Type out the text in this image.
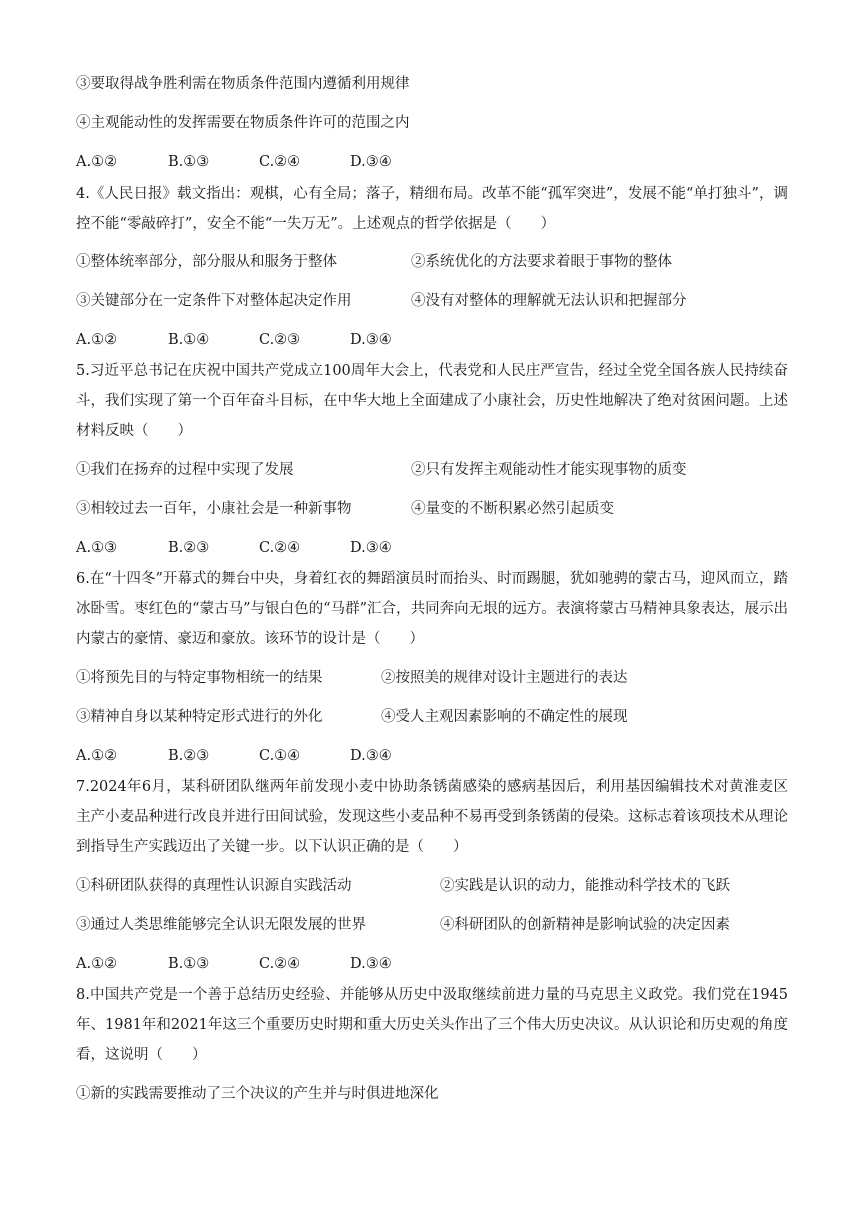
③要取得战争胜利需在物质条件范围内遵循利用规律
④主观能动性的发挥需要在物质条件许可的范围之内
A.①②	B.①③	C.②④	D.③④
4.《人民日报》载文指出：观棋，心有全局；落子，精细布局。改革不能“孤军突进”，发展不能“单打独斗”，调控不能“零敲碎打”，安全不能“一失万无”。上述观点的哲学依据是（　　）
①整体统率部分，部分服从和服务于整体	②系统优化的方法要求着眼于事物的整体
③关键部分在一定条件下对整体起决定作用	④没有对整体的理解就无法认识和把握部分
A.①②	B.①④	C.②③	D.③④
5.习近平总书记在庆祝中国共产党成立100周年大会上，代表党和人民庄严宣告，经过全党全国各族人民持续奋斗，我们实现了第一个百年奋斗目标，在中华大地上全面建成了小康社会，历史性地解决了绝对贫困问题。上述材料反映（　　）
①我们在扬弃的过程中实现了发展	②只有发挥主观能动性才能实现事物的质变
③相较过去一百年，小康社会是一种新事物	④量变的不断积累必然引起质变
A.①③	B.②③	C.②④	D.③④
6.在“十四冬”开幕式的舞台中央，身着红衣的舞蹈演员时而抬头、时而踢腿，犹如驰骋的蒙古马，迎风而立，踏冰卧雪。枣红色的“蒙古马”与银白色的“马群”汇合，共同奔向无垠的远方。表演将蒙古马精神具象表达，展示出内蒙古的豪情、豪迈和豪放。该环节的设计是（　　）
①将预先目的与特定事物相统一的结果	②按照美的规律对设计主题进行的表达
③精神自身以某种特定形式进行的外化	④受人主观因素影响的不确定性的展现
A.①②	B.②③	C.①④	D.③④
7.2024年6月，某科研团队继两年前发现小麦中协助条锈菌感染的感病基因后，利用基因编辑技术对黄淮麦区主产小麦品种进行改良并进行田间试验，发现这些小麦品种不易再受到条锈菌的侵染。这标志着该项技术从理论到指导生产实践迈出了关键一步。以下认识正确的是（　　）
①科研团队获得的真理性认识源自实践活动	②实践是认识的动力，能推动科学技术的飞跃
③通过人类思维能够完全认识无限发展的世界	④科研团队的创新精神是影响试验的决定因素
A.①②	B.①③	C.②④	D.③④
8.中国共产党是一个善于总结历史经验、并能够从历史中汲取继续前进力量的马克思主义政党。我们党在1945年、1981年和2021年这三个重要历史时期和重大历史关头作出了三个伟大历史决议。从认识论和历史观的角度看，这说明（　　）
①新的实践需要推动了三个决议的产生并与时俱进地深化
